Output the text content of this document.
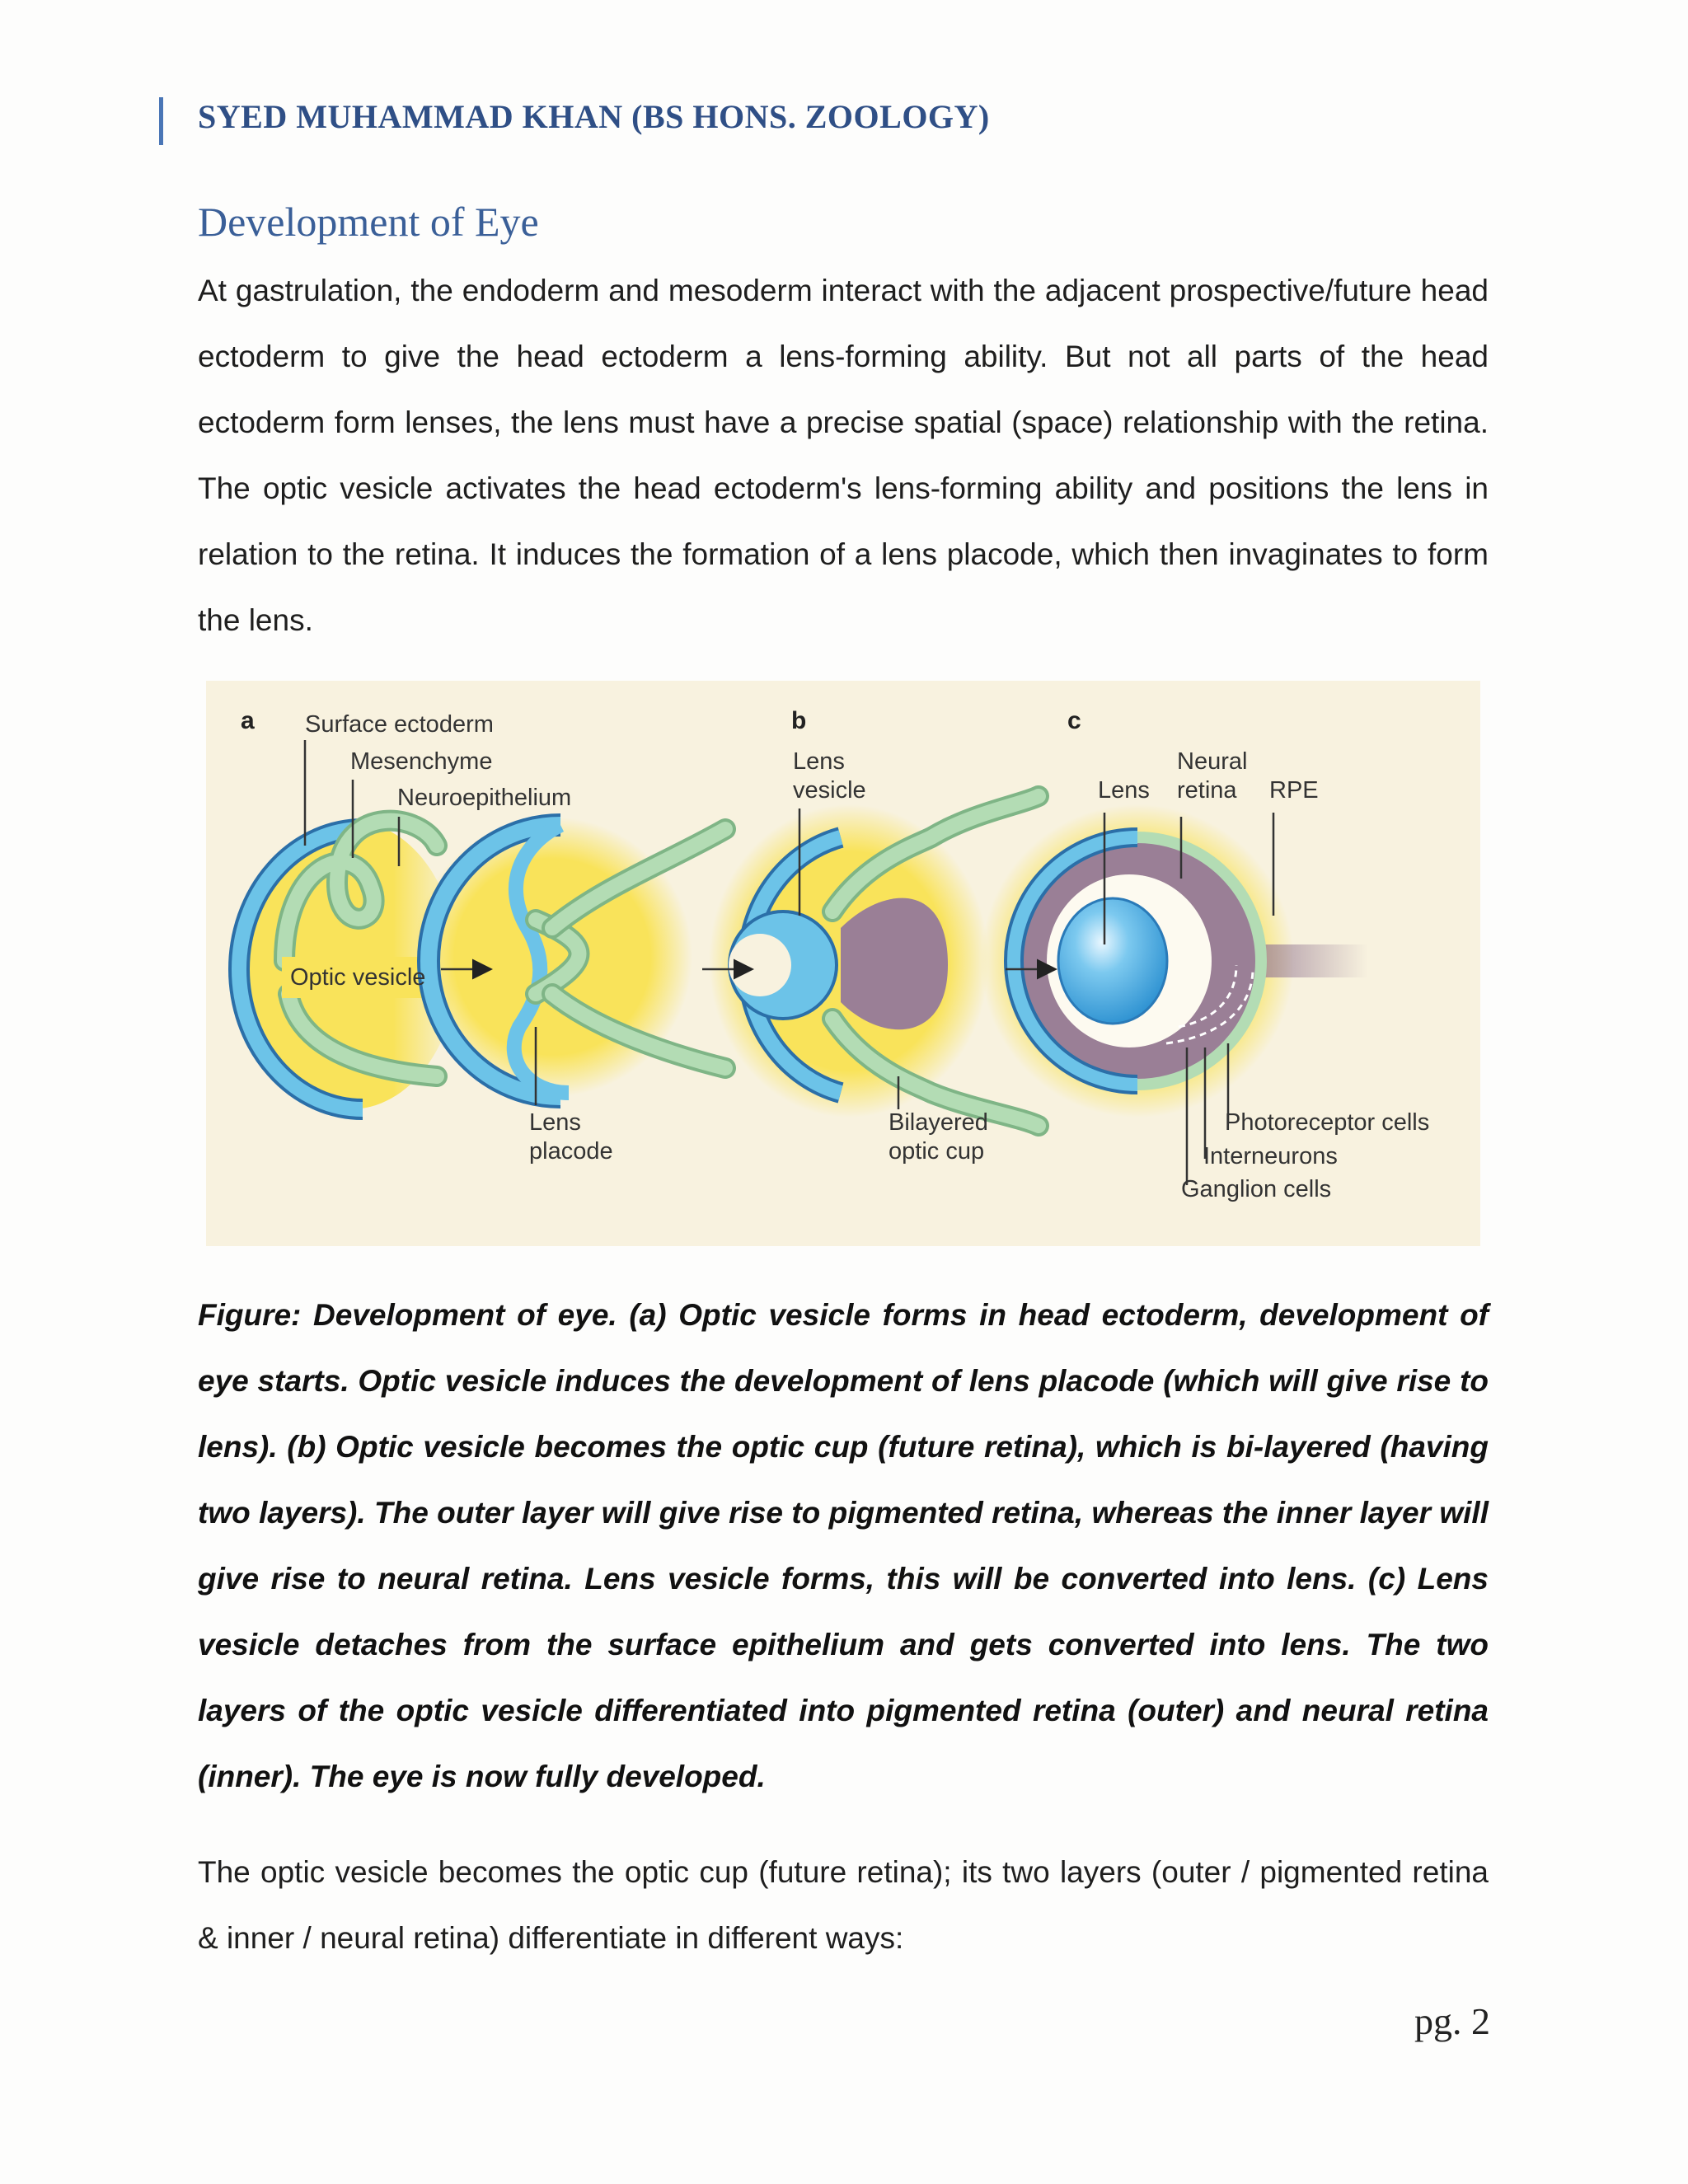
SYED MUHAMMAD KHAN (BS HONS. ZOOLOGY)
Development of Eye

At gastrulation, the endoderm and mesoderm interact with the adjacent prospective/future head ectoderm to give the head ectoderm a lens-forming ability. But not all parts of the head ectoderm form lenses, the lens must have a precise spatial (space) relationship with the retina. The optic vesicle activates the head ectoderm's lens-forming ability and positions the lens in relation to the retina. It induces the formation of a lens placode, which then invaginates to form the lens.

a	b	c
Surface ectoderm
Mesenchyme
Neuroepithelium
Optic vesicle
Lens
placode
Lens
vesicle
Bilayered
optic cup
Lens
Neural
retina RPE
Photoreceptor cells
Interneurons
Ganglion cells

Figure: Development of eye. (a) Optic vesicle forms in head ectoderm, development of eye starts. Optic vesicle induces the development of lens placode (which will give rise to lens). (b) Optic vesicle becomes the optic cup (future retina), which is bi-layered (having two layers). The outer layer will give rise to pigmented retina, whereas the inner layer will give rise to neural retina. Lens vesicle forms, this will be converted into lens. (c) Lens vesicle detaches from the surface epithelium and gets converted into lens. The two layers of the optic vesicle differentiated into pigmented retina (outer) and neural retina (inner). The eye is now fully developed.

The optic vesicle becomes the optic cup (future retina); its two layers (outer / pigmented retina & inner / neural retina) differentiate in different ways:

pg. 2
